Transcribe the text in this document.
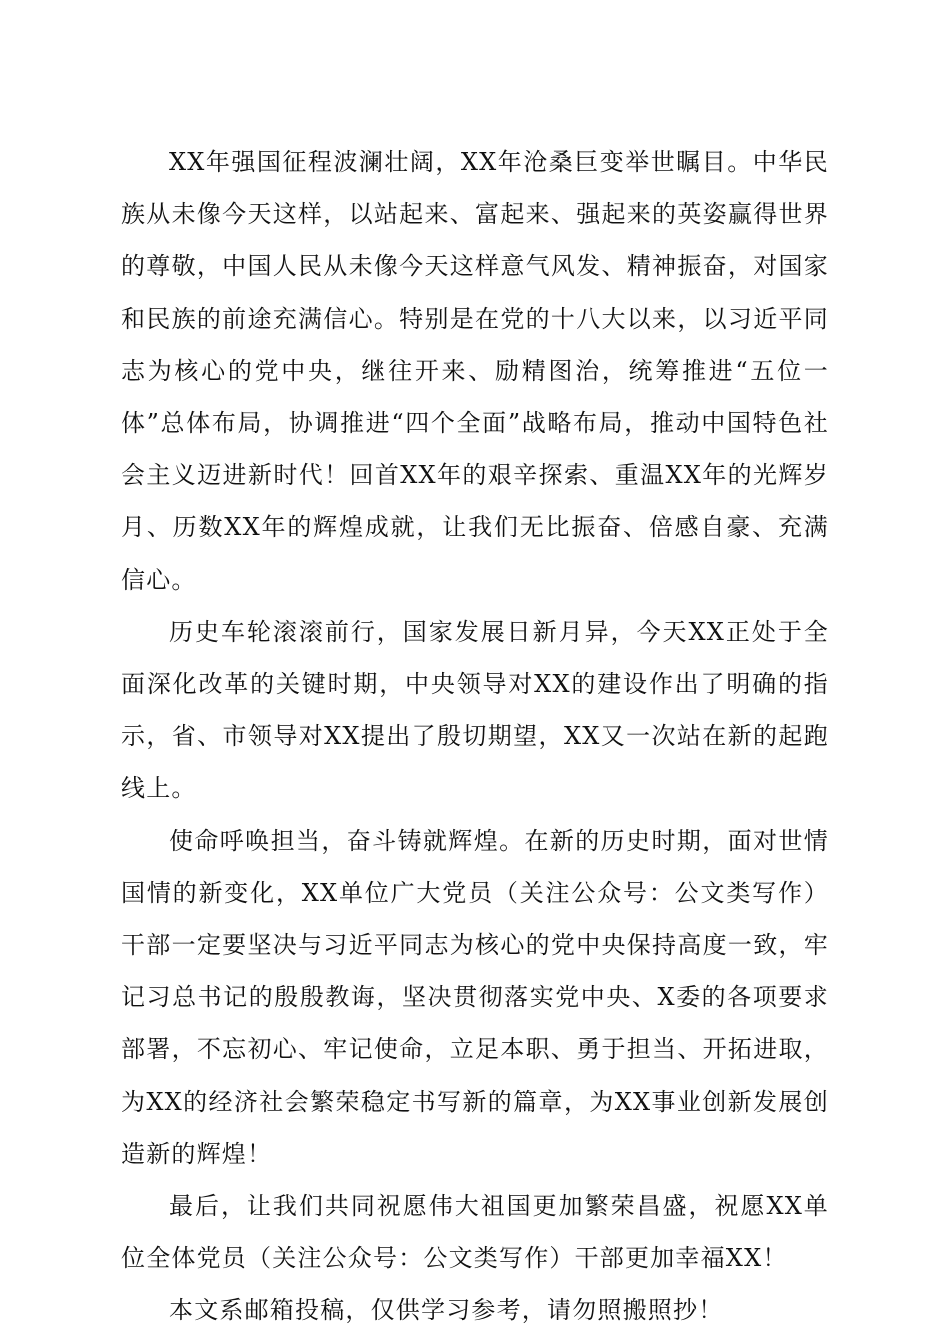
XX年强国征程波澜壮阔，XX年沧桑巨变举世瞩目。中华民族从未像今天这样，以站起来、富起来、强起来的英姿赢得世界的尊敬，中国人民从未像今天这样意气风发、精神振奋，对国家和民族的前途充满信心。特别是在党的十八大以来，以习近平同志为核心的党中央，继往开来、励精图治，统筹推进“五位一体”总体布局，协调推进“四个全面”战略布局，推动中国特色社会主义迈进新时代！回首XX年的艰辛探索、重温XX年的光辉岁月、历数XX年的辉煌成就，让我们无比振奋、倍感自豪、充满信心。

历史车轮滚滚前行，国家发展日新月异，今天XX正处于全面深化改革的关键时期，中央领导对XX的建设作出了明确的指示，省、市领导对XX提出了殷切期望，XX又一次站在新的起跑线上。

使命呼唤担当，奋斗铸就辉煌。在新的历史时期，面对世情国情的新变化，XX单位广大党员（关注公众号：公文类写作）干部一定要坚决与习近平同志为核心的党中央保持高度一致，牢记习总书记的殷殷教诲，坚决贯彻落实党中央、X委的各项要求部署，不忘初心、牢记使命，立足本职、勇于担当、开拓进取，为XX的经济社会繁荣稳定书写新的篇章，为XX事业创新发展创造新的辉煌！

最后，让我们共同祝愿伟大祖国更加繁荣昌盛，祝愿XX单位全体党员（关注公众号：公文类写作）干部更加幸福XX！

本文系邮箱投稿，仅供学习参考，请勿照搬照抄！
